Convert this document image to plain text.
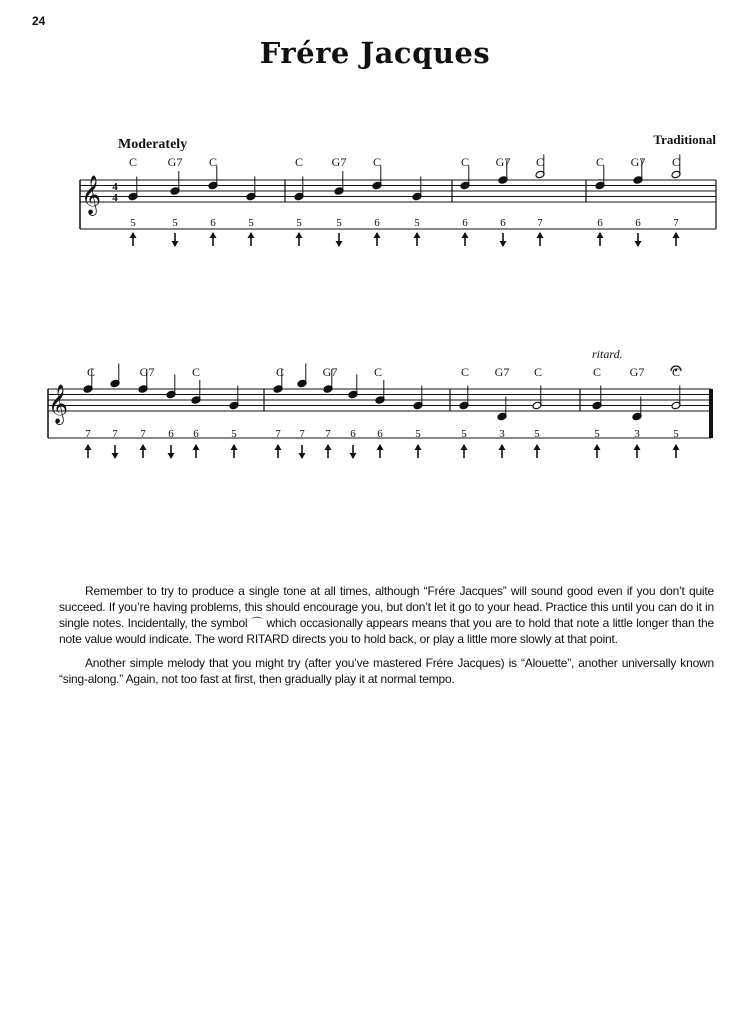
24
Frére Jacques
Moderately	Traditional
ritard.
𝄞 4
4
C	G7 C	C G7 C	C G7 C	C G7 C
5	5	6	5	5	5	6	5	6	6	7	6	6	7
𝄞
C	G7	C	C	G7	C	C G7 C	C G7 C
7 7 7 6 6	5	7 7 7 6 6	5	5	3	5	5	3	5

Remember to try to produce a single tone at all times, although “Frére Jacques” will sound good even if you don’t quite succeed. If you’re having problems, this should encourage you, but don’t let it go to your head. Practice this until you can do it in single notes. Incidentally, the symbol ⌒ which occasionally appears means that you are to hold that note a little longer than the note value would indicate. The word RITARD directs you to hold back, or play a little more slowly at that point.

Another simple melody that you might try (after you’ve mastered Frére Jacques) is “Alouette”, another universally known “sing-along.” Again, not too fast at first, then gradually play it at normal tempo.
